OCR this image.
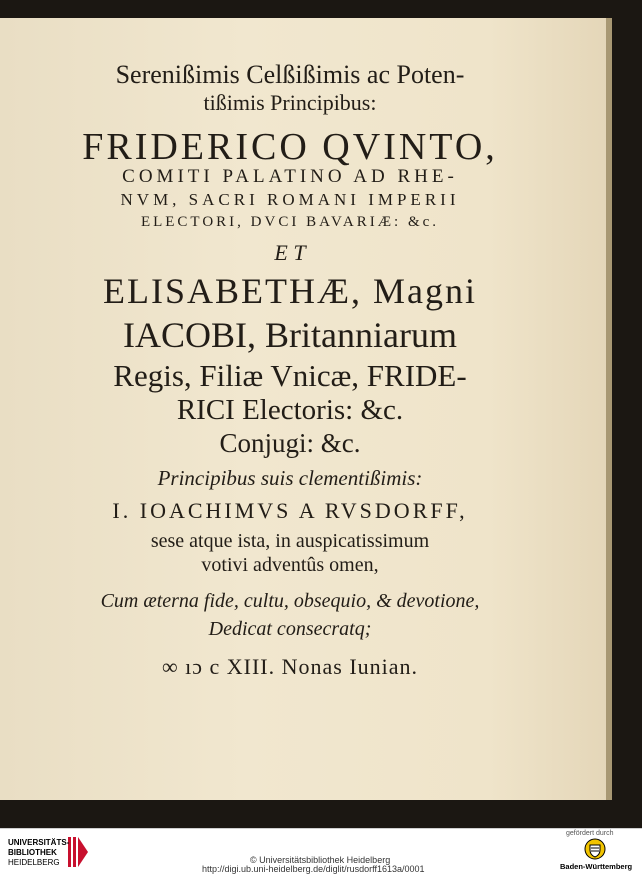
Serenißimis Celßißimis ac Poten-
tißimis Principibus:
FRIDERICO QVINTO,
COMITI PALATINO AD RHE-
NVM, SACRI ROMANI IMPERII
ELECTORI, DVCI BAVARIÆ: &c.
E T
ELISABETHÆ, Magni
IACOBI, Britanniarum
Regis, Filiæ Vnicæ, FRIDE-
RICI Electoris: &c.
Conjugi: &c.
Principibus suis clementißimis:
I. IOACHIMVS A RVSDORFF,
sese atque ista, in auspicatissimum
votivi adventûs omen,
Cum æterna fide, cultu, obsequio, & devotione,
Dedicat consecratq;
∞ ıɔ c XIII. Nonas Iunian.
UNIVERSITÄTS-
BIBLIOTHEK
HEIDELBERG	© Universitätsbibliothek Heidelberg
http://digi.ub.uni-heidelberg.de/diglit/rusdorff1613a/0001
gefördert durch
Baden-Württemberg
